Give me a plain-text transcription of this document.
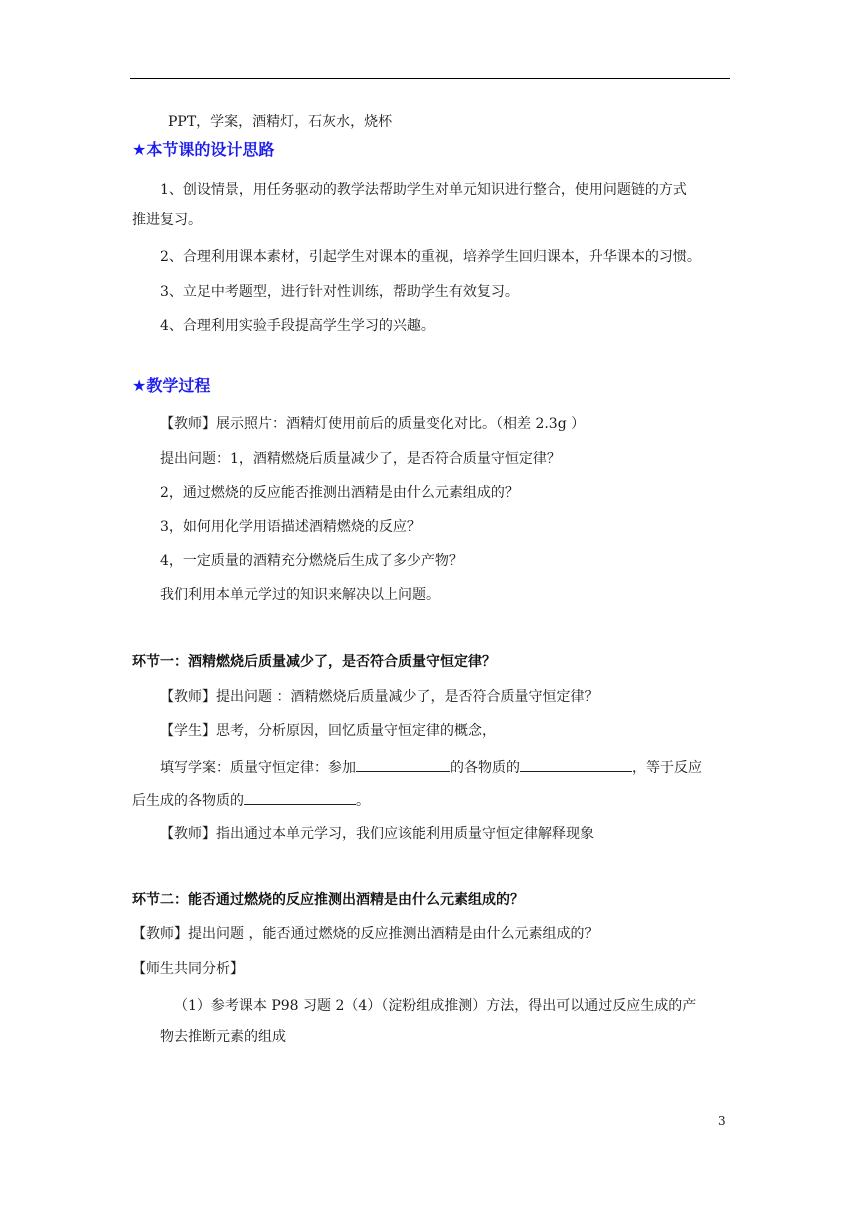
PPT，学案，酒精灯，石灰水，烧杯
★本节课的设计思路
1、创设情景，用任务驱动的教学法帮助学生对单元知识进行整合，使用问题链的方式
推进复习。
2、合理利用课本素材，引起学生对课本的重视，培养学生回归课本，升华课本的习惯。
3、立足中考题型，进行针对性训练，帮助学生有效复习。
4、合理利用实验手段提高学生学习的兴趣。
★教学过程
【教师】展示照片：酒精灯使用前后的质量变化对比。（相差 2.3g ）
提出问题：1，酒精燃烧后质量减少了，是否符合质量守恒定律？
2，通过燃烧的反应能否推测出酒精是由什么元素组成的？
3，如何用化学用语描述酒精燃烧的反应？
4，一定质量的酒精充分燃烧后生成了多少产物？
我们利用本单元学过的知识来解决以上问题。
环节一：酒精燃烧后质量减少了，是否符合质量守恒定律？
【教师】提出问题 ：酒精燃烧后质量减少了，是否符合质量守恒定律？
【学生】思考，分析原因，回忆质量守恒定律的概念，
填写学案：质量守恒定律：参加	的各物质的	，等于反应
后生成的各物质的	。
【教师】指出通过本单元学习，我们应该能利用质量守恒定律解释现象
环节二：能否通过燃烧的反应推测出酒精是由什么元素组成的？
【教师】提出问题 ，能否通过燃烧的反应推测出酒精是由什么元素组成的？
【师生共同分析】
（1）参考课本 P98 习题 2（4）（淀粉组成推测）方法，得出可以通过反应生成的产
物去推断元素的组成
3
